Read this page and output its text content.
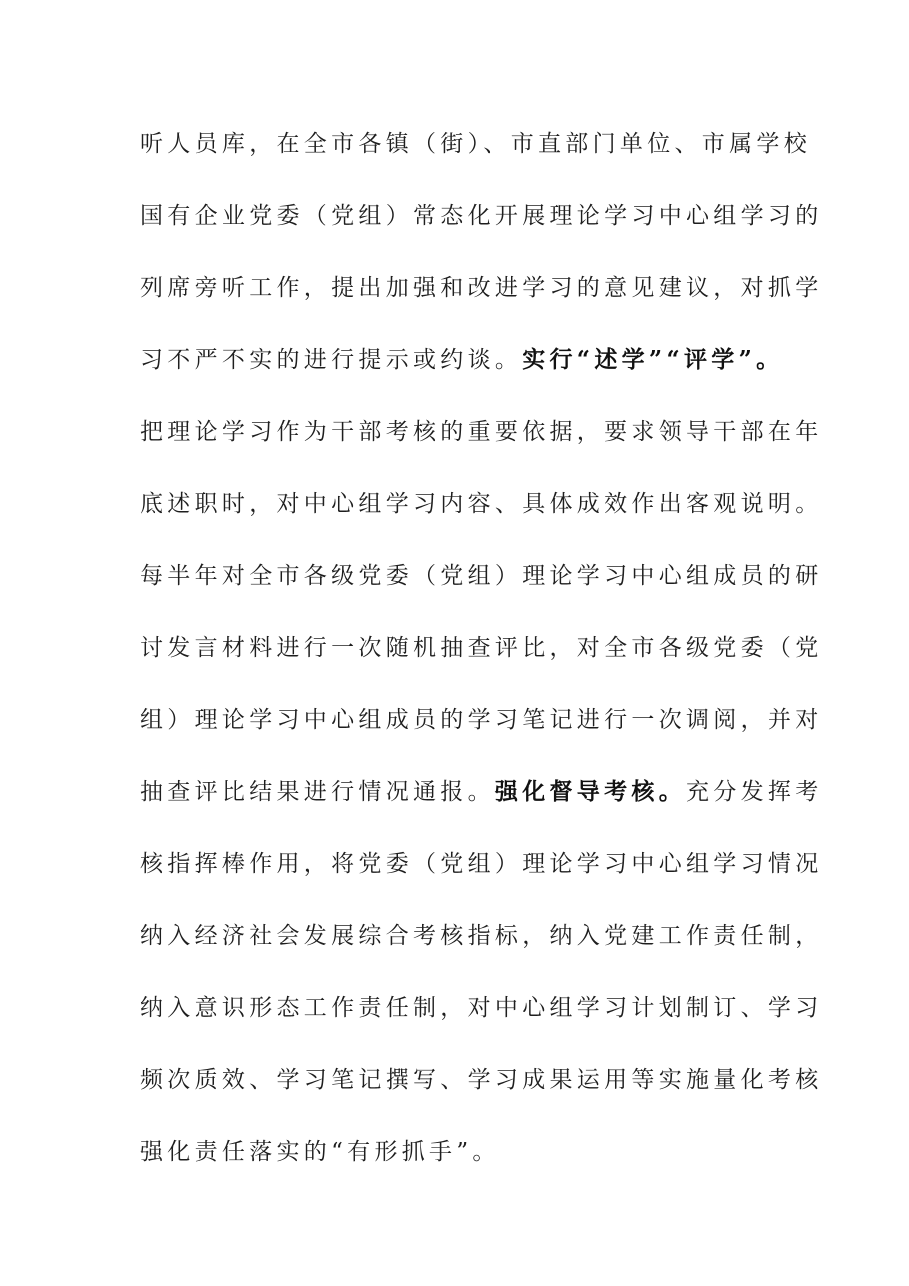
听人员库，在全市各镇（街）、市直部门单位、市属学校
国有企业党委（党组）常态化开展理论学习中心组学习的
列席旁听工作，提出加强和改进学习的意见建议，对抓学
习不严不实的进行提示或约谈。实行“述学”“评学”。
把理论学习作为干部考核的重要依据，要求领导干部在年
底述职时，对中心组学习内容、具体成效作出客观说明。
每半年对全市各级党委（党组）理论学习中心组成员的研
讨发言材料进行一次随机抽查评比，对全市各级党委（党
组）理论学习中心组成员的学习笔记进行一次调阅，并对
抽查评比结果进行情况通报。强化督导考核。充分发挥考
核指挥棒作用，将党委（党组）理论学习中心组学习情况
纳入经济社会发展综合考核指标，纳入党建工作责任制，
纳入意识形态工作责任制，对中心组学习计划制订、学习
频次质效、学习笔记撰写、学习成果运用等实施量化考核
强化责任落实的“有形抓手”。
